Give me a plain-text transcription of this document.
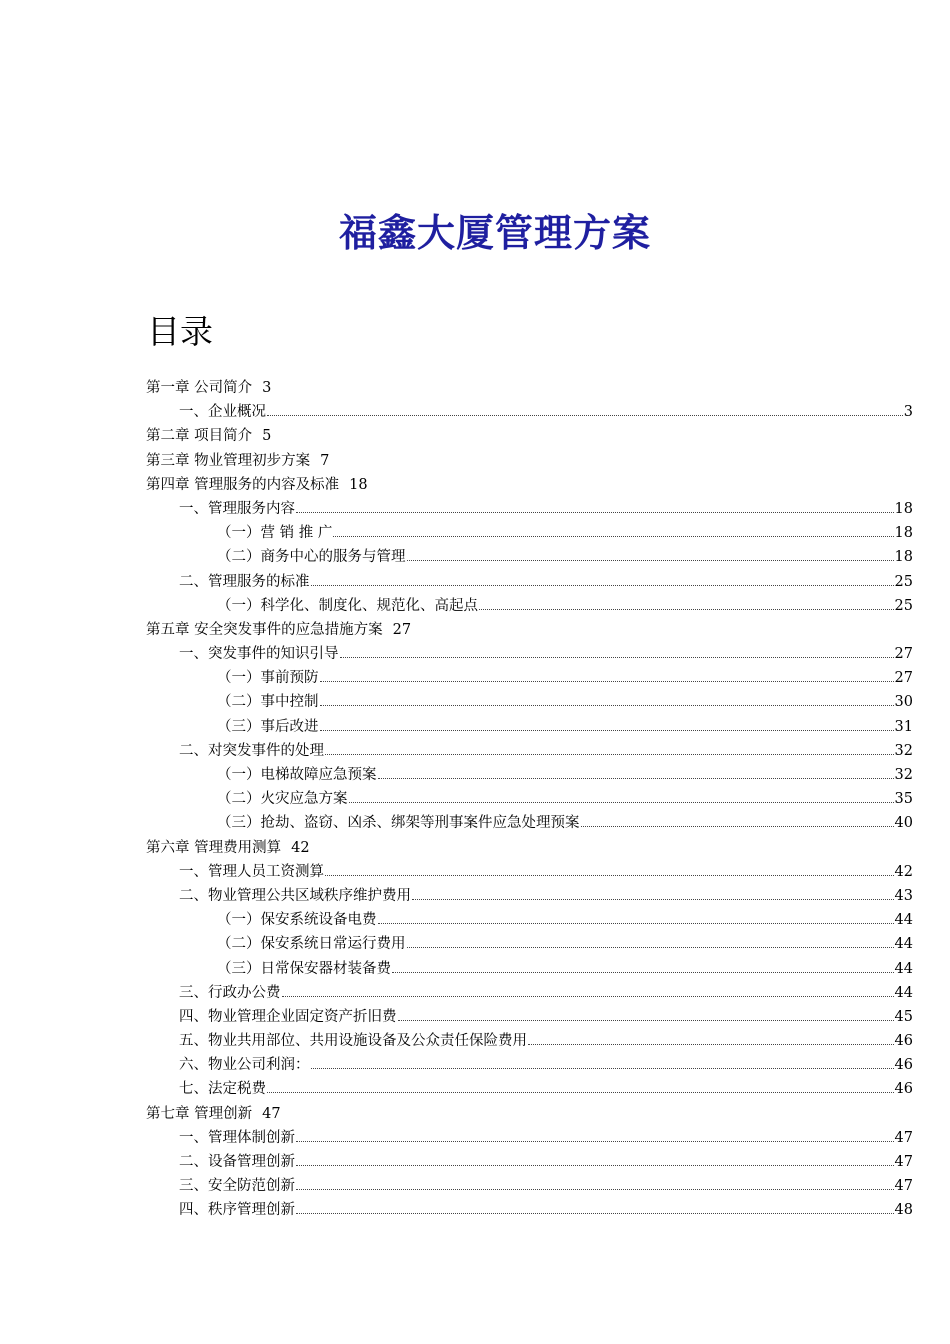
福鑫大厦管理方案
目录
第一章 公司简介 3
一、企业概况	3
第二章 项目简介 5
第三章 物业管理初步方案 7
第四章 管理服务的内容及标准 18
一、管理服务内容	18
（一）营 销 推 广	18
（二）商务中心的服务与管理	18
二、管理服务的标准	25
（一）科学化、制度化、规范化、高起点	25
第五章 安全突发事件的应急措施方案 27
一、突发事件的知识引导	27
（一）事前预防	27
（二）事中控制	30
（三）事后改进	31
二、对突发事件的处理	32
（一）电梯故障应急预案	32
（二）火灾应急方案	35
（三）抢劫、盗窃、凶杀、绑架等刑事案件应急处理预案	40
第六章 管理费用测算 42
一、管理人员工资测算	42
二、物业管理公共区域秩序维护费用	43
（一）保安系统设备电费	44
（二）保安系统日常运行费用	44
（三）日常保安器材装备费	44
三、行政办公费	44
四、物业管理企业固定资产折旧费	45
五、物业共用部位、共用设施设备及公众责任保险费用	46
六、物业公司利润：	46
七、法定税费	46
第七章 管理创新 47
一、管理体制创新	47
二、设备管理创新	47
三、安全防范创新	47
四、秩序管理创新	48
